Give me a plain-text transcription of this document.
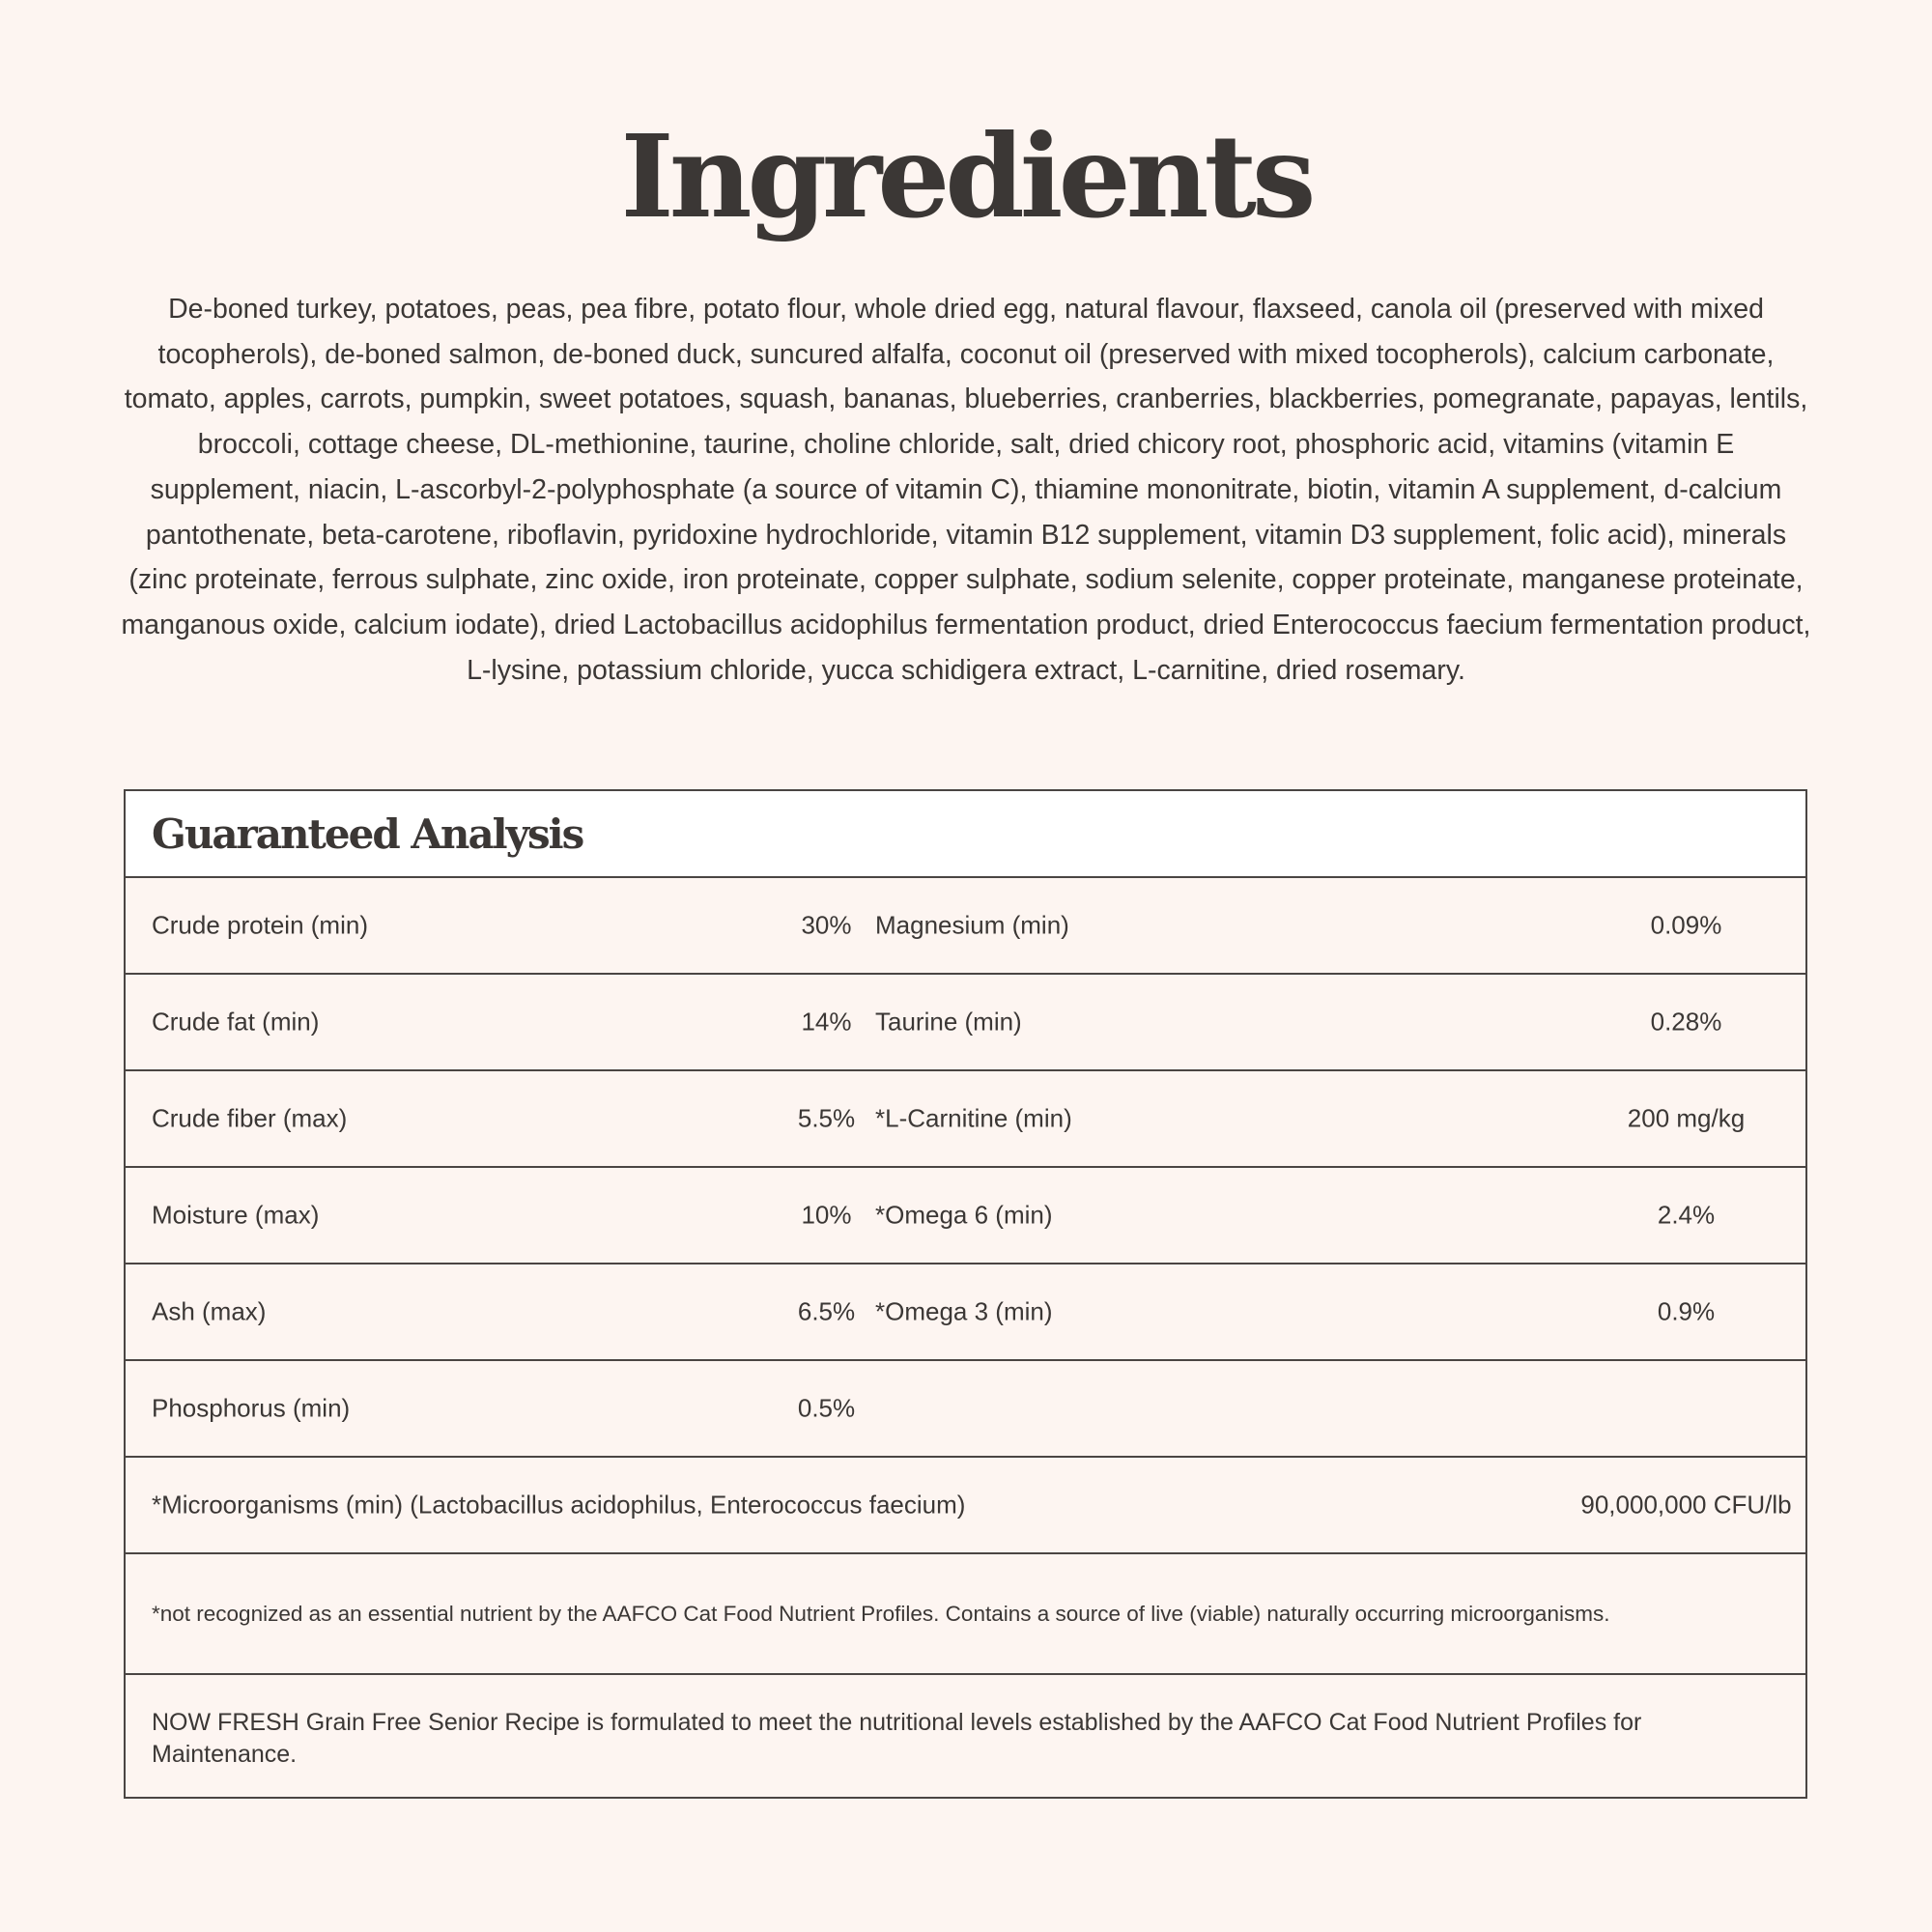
Ingredients

De-boned turkey, potatoes, peas, pea fibre, potato flour, whole dried egg, natural flavour, flaxseed, canola oil (preserved with mixed tocopherols), de-boned salmon, de-boned duck, suncured alfalfa, coconut oil (preserved with mixed tocopherols), calcium carbonate, tomato, apples, carrots, pumpkin, sweet potatoes, squash, bananas, blueberries, cranberries, blackberries, pomegranate, papayas, lentils, broccoli, cottage cheese, DL-methionine, taurine, choline chloride, salt, dried chicory root, phosphoric acid, vitamins (vitamin E supplement, niacin, L-ascorbyl-2-polyphosphate (a source of vitamin C), thiamine mononitrate, biotin, vitamin A supplement, d-calcium pantothenate, beta-carotene, riboflavin, pyridoxine hydrochloride, vitamin B12 supplement, vitamin D3 supplement, folic acid), minerals (zinc proteinate, ferrous sulphate, zinc oxide, iron proteinate, copper sulphate, sodium selenite, copper proteinate, manganese proteinate, manganous oxide, calcium iodate), dried Lactobacillus acidophilus fermentation product, dried Enterococcus faecium fermentation product, L-lysine, potassium chloride, yucca schidigera extract, L-carnitine, dried rosemary.

Guaranteed Analysis
Crude protein (min)	30% Magnesium (min)	0.09%
Crude fat (min)	14% Taurine (min)	0.28%
Crude fiber (max)	5.5% *L-Carnitine (min)	200 mg/kg
Moisture (max)	10% *Omega 6 (min)	2.4%
Ash (max)	6.5% *Omega 3 (min)	0.9%
Phosphorus (min)	0.5%
*Microorganisms (min) (Lactobacillus acidophilus, Enterococcus faecium)	90,000,000 CFU/lb
*not recognized as an essential nutrient by the AAFCO Cat Food Nutrient Profiles. Contains a source of live (viable) naturally occurring microorganisms.
NOW FRESH Grain Free Senior Recipe is formulated to meet the nutritional levels established by the AAFCO Cat Food Nutrient Profiles for Maintenance.
